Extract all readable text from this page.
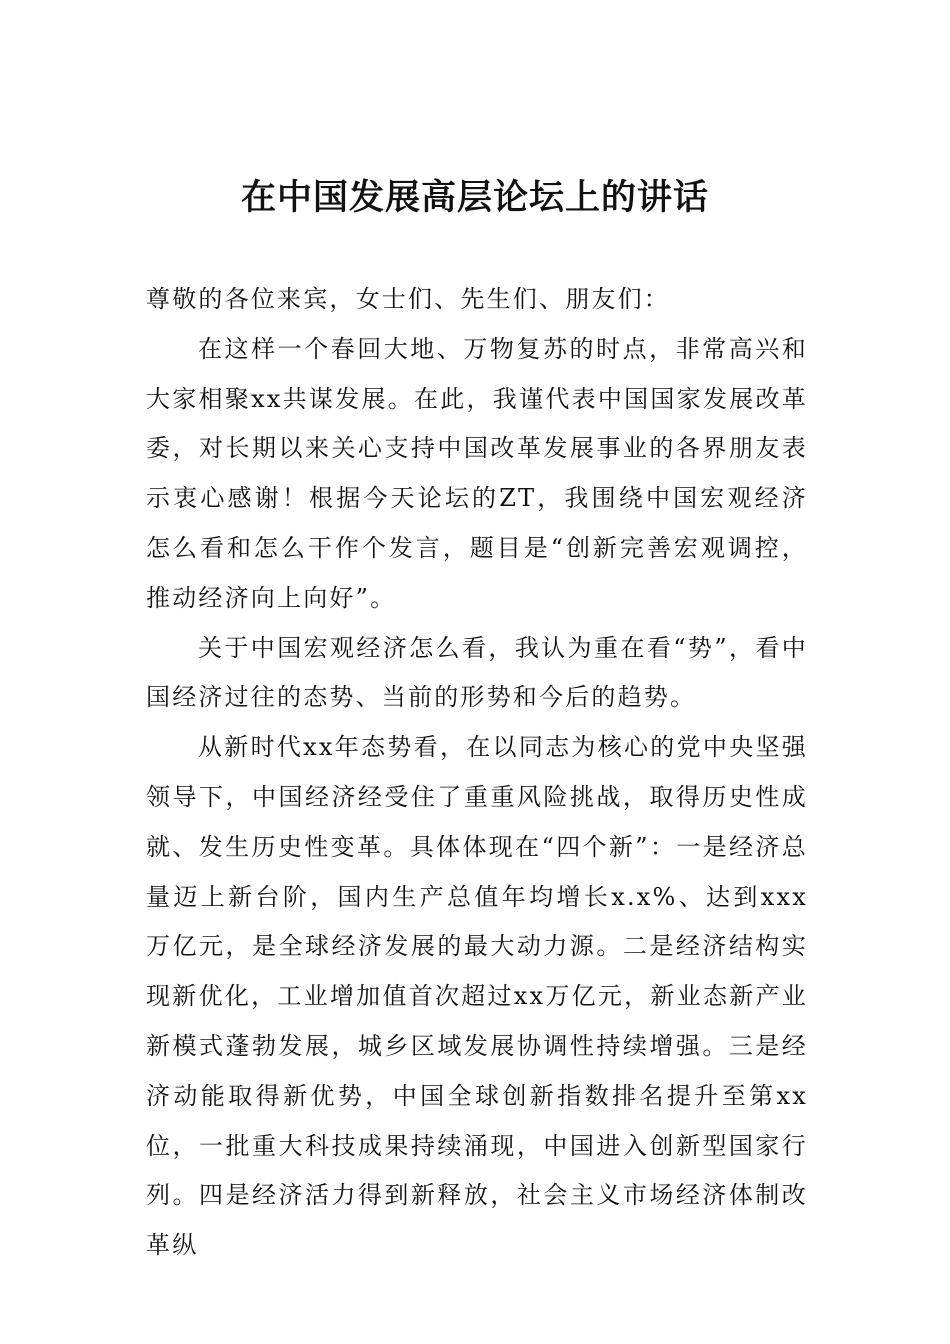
在中国发展高层论坛上的讲话

尊敬的各位来宾，女士们、先生们、朋友们：

在这样一个春回大地、万物复苏的时点，非常高兴和大家相聚xx共谋发展。在此，我谨代表中国国家发展改革委，对长期以来关心支持中国改革发展事业的各界朋友表示衷心感谢！根据今天论坛的ZT，我围绕中国宏观经济怎么看和怎么干作个发言，题目是“创新完善宏观调控，推动经济向上向好”。

关于中国宏观经济怎么看，我认为重在看“势”，看中国经济过往的态势、当前的形势和今后的趋势。

从新时代xx年态势看，在以同志为核心的党中央坚强领导下，中国经济经受住了重重风险挑战，取得历史性成就、发生历史性变革。具体体现在“四个新”：一是经济总量迈上新台阶，国内生产总值年均增长x.x%、达到xxx万亿元，是全球经济发展的最大动力源。二是经济结构实现新优化，工业增加值首次超过xx万亿元，新业态新产业新模式蓬勃发展，城乡区域发展协调性持续增强。三是经济动能取得新优势，中国全球创新指数排名提升至第xx位，一批重大科技成果持续涌现，中国进入创新型国家行列。四是经济活力得到新释放，社会主义市场经济体制改革纵
